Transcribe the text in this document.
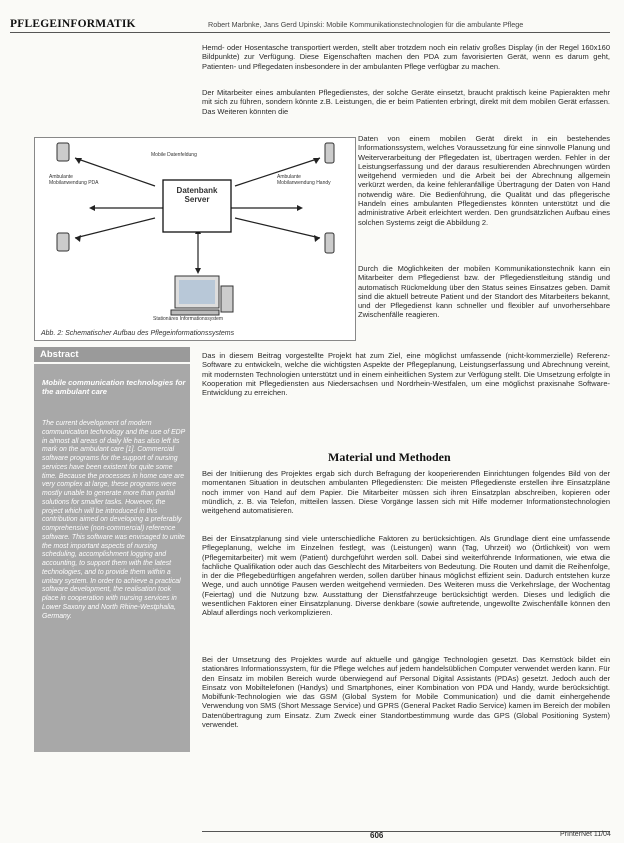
PFLEGEINFORMATIK	Robert Marbnke, Jans Gerd Upinski: Mobile Kommunikationstechnologien für die ambulante Pflege

Hemd- oder Hosentasche transportiert werden, stellt aber trotzdem noch ein relativ großes Display (in der Regel 160x160 Bildpunkte) zur Verfügung. Diese Eigenschaften machen den PDA zum favorisierten Gerät, wenn es darum geht, Patienten- und Pflegedaten insbesondere in der ambulanten Pflege verfügbar zu machen.

Der Mitarbeiter eines ambulanten Pflegedienstes, der solche Geräte einsetzt, braucht praktisch keine Papierakten mehr mit sich zu führen, sondern könnte z.B. Leistungen, die er beim Patienten erbringt, direkt mit dem mobilen Gerät erfassen. Das Weiteren könnten die

Mobile Datenfeldung
Datenbank Server
Ambulante Mobilanwendung PDA
Ambulante Mobilanwendung Handy
Stationäres Informationssystem
Abb. 2: Schematischer Aufbau des Pflegeinformationssystems

Daten von einem mobilen Gerät direkt in ein bestehendes Informationssystem, welches Voraussetzung für eine sinnvolle Planung und Weiterverarbeitung der Pflegedaten ist, übertragen werden. Fehler in der Leistungserfassung und der daraus resultierenden Abrechnungen würden weitgehend vermieden und die Arbeit bei der Abrechnung allgemein verkürzt werden, da keine fehleranfällige Übertragung der Daten von Hand notwendig wäre. Die Bedienführung, die Qualität und das pflegerische Handeln eines ambulanten Pflegedienstes könnten unterstützt und die administrative Arbeit erleichtert werden. Den grundsätzlichen Aufbau eines solchen Systems zeigt die Abbildung 2.

Durch die Möglichkeiten der mobilen Kommunikationstechnik kann ein Mitarbeiter dem Pflegedienst bzw. der Pflegedienstleitung ständig und automatisch Rückmeldung über den Status seines Einsatzes geben. Damit sind die aktuell betreute Patient und der Standort des Mitarbeiters bekannt, und der Pflegedienst kann schneller und flexibler auf unvorhersehbare Zwischenfälle reagieren.

Abstract
Mobile communication technologies for the ambulant care
The current development of modern communication technology and the use of EDP in almost all areas of daily life has also left its mark on the ambulant care [1]. Commercial software programs for the support of nursing services have been existent for quite some time. Because the processes in home care are very complex at large, these programs were mostly unable to generate more than partial solutions for smaller tasks. However, the project which will be introduced in this contribution aimed on developing a preferably comprehensive (non-commercial) reference software. This software was envisaged to unite the most important aspects of nursing scheduling, accomplishment logging and accounting, to support them with the latest technologies, and to provide them within a unitary system. In order to achieve a practical software development, the realisation took place in cooperation with nursing services in Lower Saxony and North Rhine-Westphalia, Germany.

Das in diesem Beitrag vorgestellte Projekt hat zum Ziel, eine möglichst umfassende (nicht-kommerzielle) Referenz-Software zu entwickeln, welche die wichtigsten Aspekte der Pflegeplanung, Leistungserfassung und Abrechnung vereint, mit modernsten Technologien unterstützt und in einem einheitlichen System zur Verfügung stellt. Die Umsetzung erfolgte in Kooperation mit Pflegediensten aus Niedersachsen und Nordrhein-Westfalen, um eine möglichst praxisnahe Software-Entwicklung zu erreichen.

Material und Methoden

Bei der Initiierung des Projektes ergab sich durch Befragung der kooperierenden Einrichtungen folgendes Bild von der momentanen Situation in deutschen ambulanten Pflegediensten: Die meisten Pflegedienste erstellen ihre Einsatzpläne noch immer von Hand auf dem Papier. Die Mitarbeiter müssen sich ihren Einsatzplan abschreiben, kopieren oder mündlich, z. B. via Telefon, mitteilen lassen. Diese Vorgänge lassen sich mit Hilfe moderner Informationstechnologien weitgehend automatisieren.

Bei der Einsatzplanung sind viele unterschiedliche Faktoren zu berücksichtigen. Als Grundlage dient eine umfassende Pflegeplanung, welche im Einzelnen festlegt, was (Leistungen) wann (Tag, Uhrzeit) wo (Örtlichkeit) von wem (Pflegemitarbeiter) mit wem (Patient) durchgeführt werden soll. Dabei sind weiterführende Informationen, wie etwa die fachliche Qualifikation oder auch das Geschlecht des Mitarbeiters von Bedeutung. Die Routen und damit die Reihenfolge, in der die Pflegebedürftigen angefahren werden, sollen darüber hinaus möglichst effizient sein. Dadurch entstehen kurze Wege, und auch unnötige Pausen werden weitgehend vermieden. Des Weiteren muss die Verkehrslage, der Wochentag (Feiertag) und die Nutzung bzw. Ausstattung der Dienstfahrzeuge berücksichtigt werden. Dieses und lediglich die wesentlichen Faktoren einer Einsatzplanung. Diverse denkbare (sowie auftretende, ungewollte Zwischenfälle können den Ablauf allerdings noch verkomplizieren.

Bei der Umsetzung des Projektes wurde auf aktuelle und gängige Technologien gesetzt. Das Kernstück bildet ein stationäres Informationssystem, für die Pflege welches auf jedem handelsüblichen Computer verwendet werden kann. Für den Einsatz im mobilen Bereich wurde überwiegend auf Personal Digital Assistants (PDAs) gesetzt. Jedoch auch der Einsatz von Mobiltelefonen (Handys) und Smartphones, einer Kombination von PDA und Handy, wurde berücksichtigt. Mobilfunk-Technologien wie das GSM (Global System for Mobile Communication) und die damit einhergehende Verwendung von SMS (Short Message Service) und GPRS (General Packet Radio Service) kamen im Bereich der mobilen Datenübertragung zum Einsatz. Zum Zweck einer Standortbestimmung wurde das GPS (Global Positioning System) verwendet.

606	PrInterNet 11/04
